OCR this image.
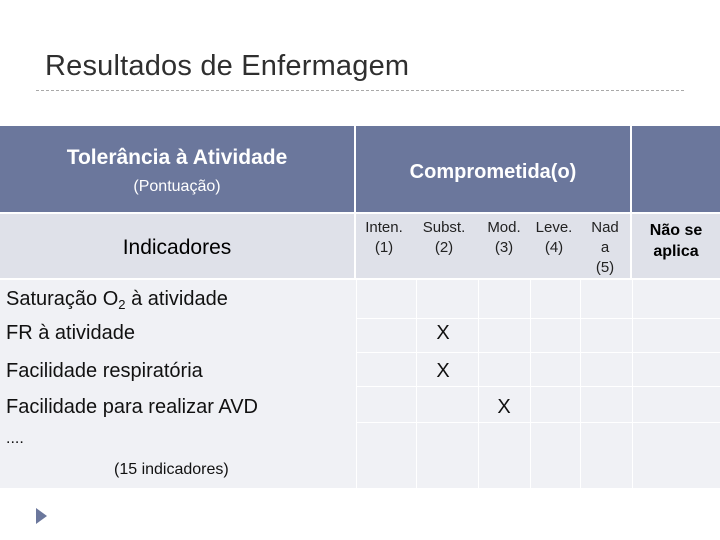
Resultados de Enfermagem
Tolerância à Atividade
(Pontuação)
Comprometida(o)
Indicadores
Inten.
(1)
Subst.
(2)
Mod.
(3)
Leve.
(4)
Nad a
(5)
Não se aplica
Saturação $O_2$ à atividade
FR à atividade
Facilidade respiratória
Facilidade para realizar AVD
....
(15 indicadores)
X
X
X
